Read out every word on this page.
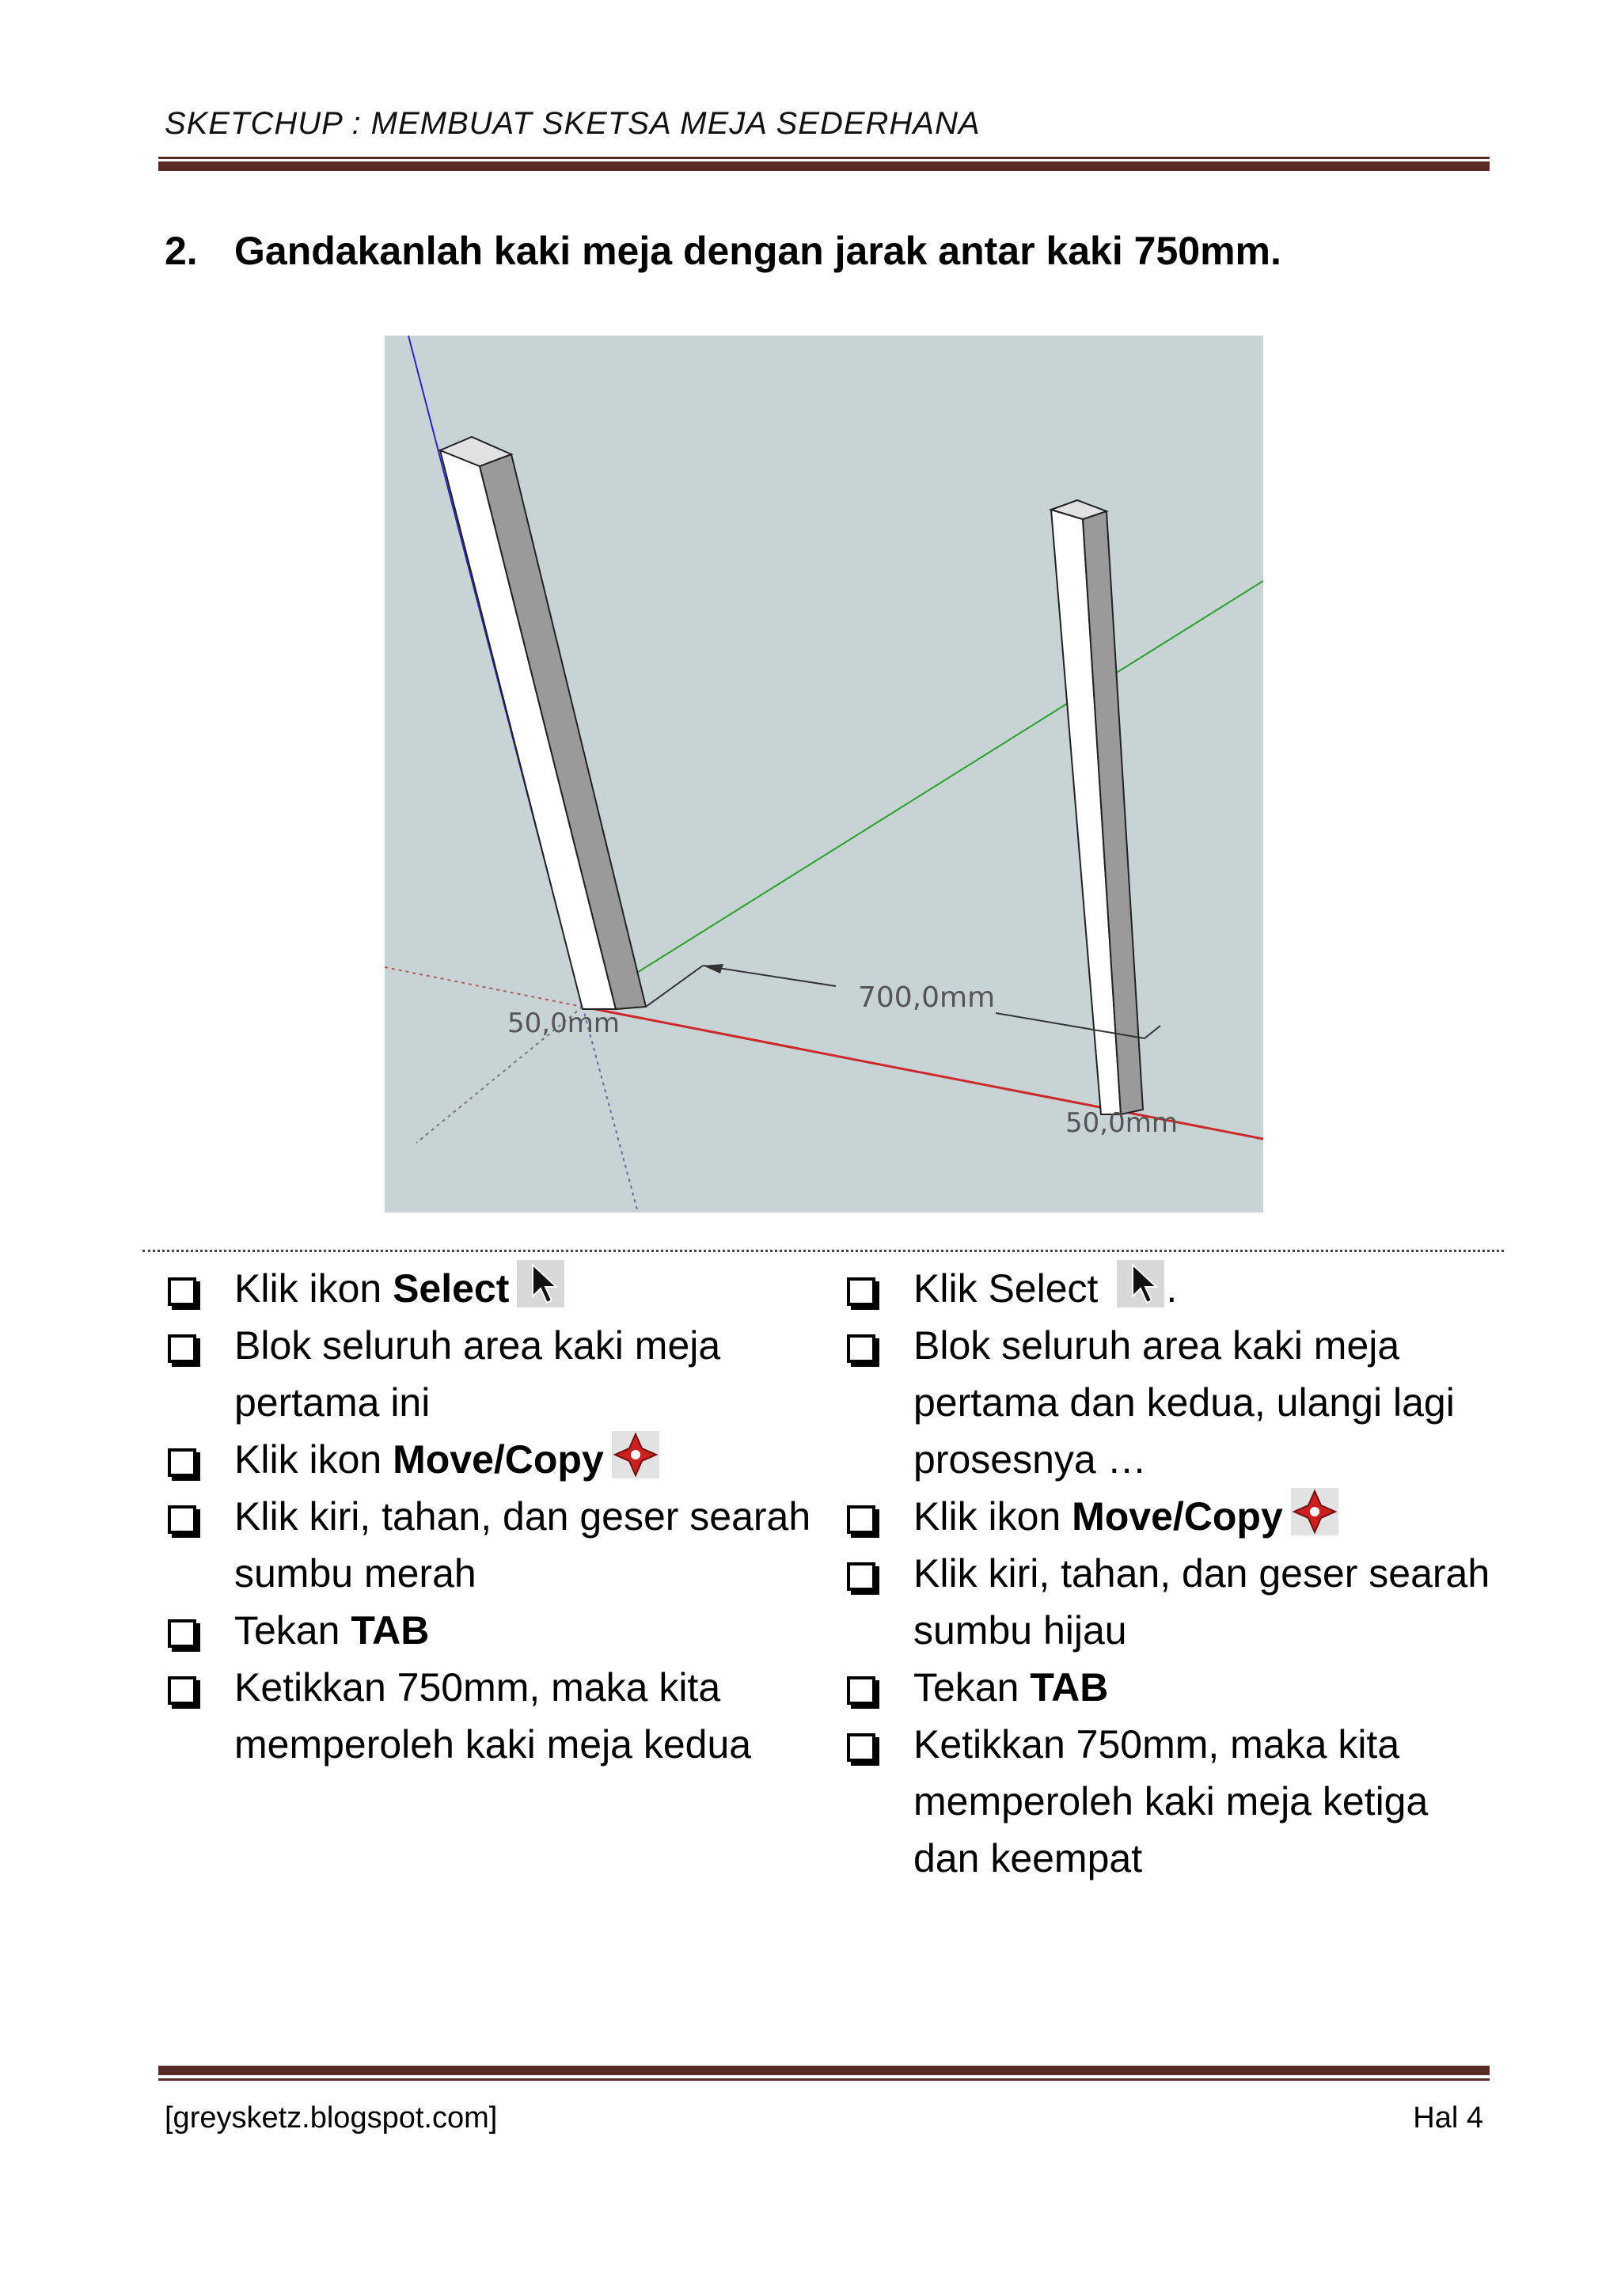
SKETCHUP : MEMBUAT SKETSA MEJA SEDERHANA
2. Gandakanlah kaki meja dengan jarak antar kaki 750mm.
700,0mm
50,0mm
50,0mm
Klik ikon Select
Blok seluruh area kaki meja pertama ini
Klik ikon Move/Copy
Klik kiri, tahan, dan geser searah sumbu merah
Tekan TAB
Ketikkan 750mm, maka kita memperoleh kaki meja kedua
Klik Select .
Blok seluruh area kaki meja pertama dan kedua, ulangi lagi prosesnya …
Klik ikon Move/Copy
Klik kiri, tahan, dan geser searah sumbu hijau
Tekan TAB
Ketikkan 750mm, maka kita memperoleh kaki meja ketiga dan keempat
[greysketz.blogspot.com]	Hal 4
